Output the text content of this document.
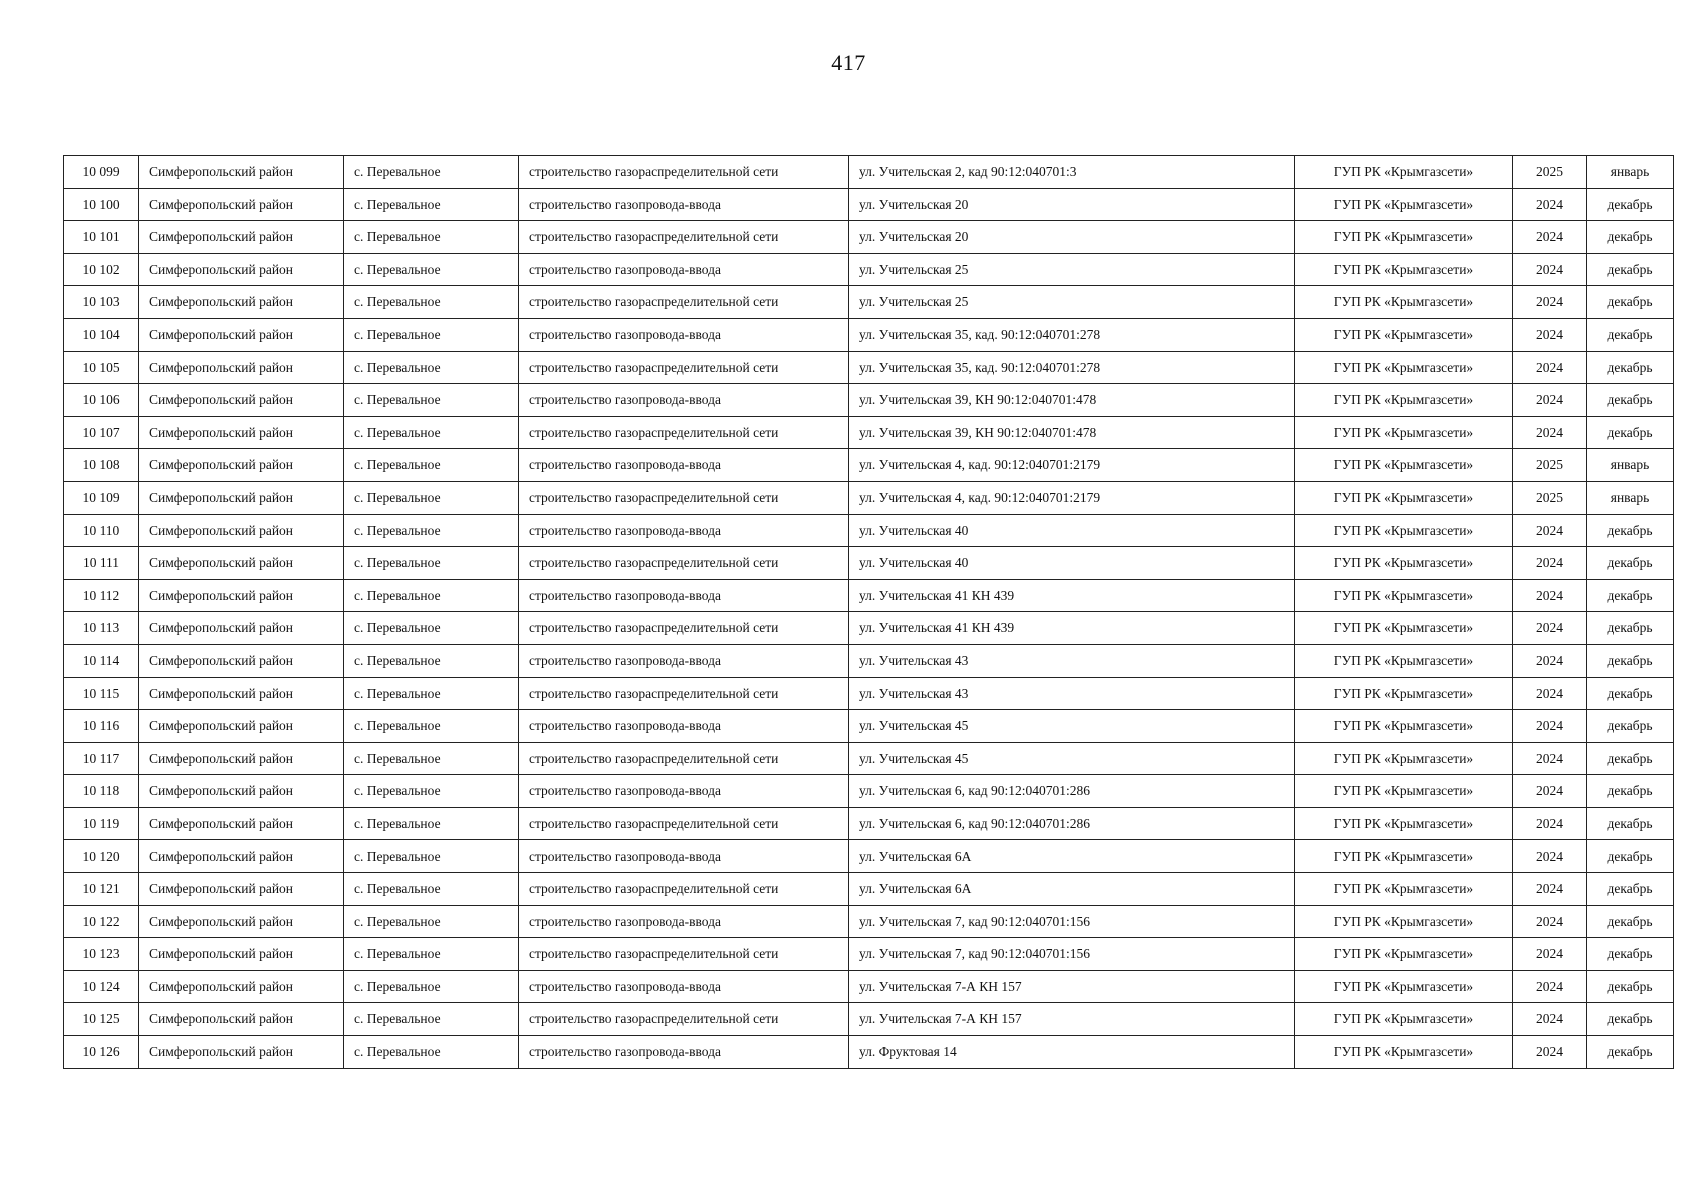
417
10 099	Симферопольский район	с. Перевальное	строительство газораспределительной сети	ул. Учительская 2, кад 90:12:040701:3	ГУП РК «Крымгазсети»	2025	январь
10 100	Симферопольский район	с. Перевальное	строительство газопровода-ввода	ул. Учительская 20	ГУП РК «Крымгазсети»	2024	декабрь
10 101	Симферопольский район	с. Перевальное	строительство газораспределительной сети	ул. Учительская 20	ГУП РК «Крымгазсети»	2024	декабрь
10 102	Симферопольский район	с. Перевальное	строительство газопровода-ввода	ул. Учительская 25	ГУП РК «Крымгазсети»	2024	декабрь
10 103	Симферопольский район	с. Перевальное	строительство газораспределительной сети	ул. Учительская 25	ГУП РК «Крымгазсети»	2024	декабрь
10 104	Симферопольский район	с. Перевальное	строительство газопровода-ввода	ул. Учительская 35, кад. 90:12:040701:278	ГУП РК «Крымгазсети»	2024	декабрь
10 105	Симферопольский район	с. Перевальное	строительство газораспределительной сети	ул. Учительская 35, кад. 90:12:040701:278	ГУП РК «Крымгазсети»	2024	декабрь
10 106	Симферопольский район	с. Перевальное	строительство газопровода-ввода	ул. Учительская 39, КН 90:12:040701:478	ГУП РК «Крымгазсети»	2024	декабрь
10 107	Симферопольский район	с. Перевальное	строительство газораспределительной сети	ул. Учительская 39, КН 90:12:040701:478	ГУП РК «Крымгазсети»	2024	декабрь
10 108	Симферопольский район	с. Перевальное	строительство газопровода-ввода	ул. Учительская 4, кад. 90:12:040701:2179	ГУП РК «Крымгазсети»	2025	январь
10 109	Симферопольский район	с. Перевальное	строительство газораспределительной сети	ул. Учительская 4, кад. 90:12:040701:2179	ГУП РК «Крымгазсети»	2025	январь
10 110	Симферопольский район	с. Перевальное	строительство газопровода-ввода	ул. Учительская 40	ГУП РК «Крымгазсети»	2024	декабрь
10 111	Симферопольский район	с. Перевальное	строительство газораспределительной сети	ул. Учительская 40	ГУП РК «Крымгазсети»	2024	декабрь
10 112	Симферопольский район	с. Перевальное	строительство газопровода-ввода	ул. Учительская 41 КН 439	ГУП РК «Крымгазсети»	2024	декабрь
10 113	Симферопольский район	с. Перевальное	строительство газораспределительной сети	ул. Учительская 41 КН 439	ГУП РК «Крымгазсети»	2024	декабрь
10 114	Симферопольский район	с. Перевальное	строительство газопровода-ввода	ул. Учительская 43	ГУП РК «Крымгазсети»	2024	декабрь
10 115	Симферопольский район	с. Перевальное	строительство газораспределительной сети	ул. Учительская 43	ГУП РК «Крымгазсети»	2024	декабрь
10 116	Симферопольский район	с. Перевальное	строительство газопровода-ввода	ул. Учительская 45	ГУП РК «Крымгазсети»	2024	декабрь
10 117	Симферопольский район	с. Перевальное	строительство газораспределительной сети	ул. Учительская 45	ГУП РК «Крымгазсети»	2024	декабрь
10 118	Симферопольский район	с. Перевальное	строительство газопровода-ввода	ул. Учительская 6, кад 90:12:040701:286	ГУП РК «Крымгазсети»	2024	декабрь
10 119	Симферопольский район	с. Перевальное	строительство газораспределительной сети	ул. Учительская 6, кад 90:12:040701:286	ГУП РК «Крымгазсети»	2024	декабрь
10 120	Симферопольский район	с. Перевальное	строительство газопровода-ввода	ул. Учительская 6А	ГУП РК «Крымгазсети»	2024	декабрь
10 121	Симферопольский район	с. Перевальное	строительство газораспределительной сети	ул. Учительская 6А	ГУП РК «Крымгазсети»	2024	декабрь
10 122	Симферопольский район	с. Перевальное	строительство газопровода-ввода	ул. Учительская 7, кад 90:12:040701:156	ГУП РК «Крымгазсети»	2024	декабрь
10 123	Симферопольский район	с. Перевальное	строительство газораспределительной сети	ул. Учительская 7, кад 90:12:040701:156	ГУП РК «Крымгазсети»	2024	декабрь
10 124	Симферопольский район	с. Перевальное	строительство газопровода-ввода	ул. Учительская 7-А КН 157	ГУП РК «Крымгазсети»	2024	декабрь
10 125	Симферопольский район	с. Перевальное	строительство газораспределительной сети	ул. Учительская 7-А КН 157	ГУП РК «Крымгазсети»	2024	декабрь
10 126	Симферопольский район	с. Перевальное	строительство газопровода-ввода	ул. Фруктовая 14	ГУП РК «Крымгазсети»	2024	декабрь
